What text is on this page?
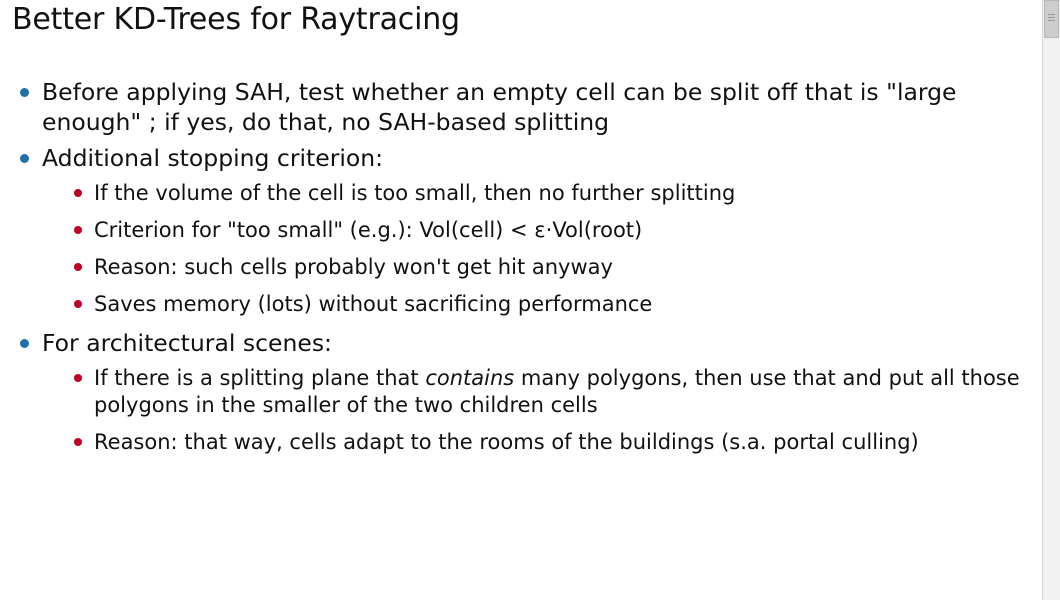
Better KD-Trees for Raytracing
Before applying SAH, test whether an empty cell can be split off that is "large enough" ; if yes, do that, no SAH-based splitting
Additional stopping criterion:
If the volume of the cell is too small, then no further splitting
Criterion for "too small" (e.g.): Vol(cell) < ε·Vol(root)
Reason: such cells probably won't get hit anyway
Saves memory (lots) without sacrificing performance
For architectural scenes:
If there is a splitting plane that contains many polygons, then use that and put all those polygons in the smaller of the two children cells
Reason: that way, cells adapt to the rooms of the buildings (s.a. portal culling)
